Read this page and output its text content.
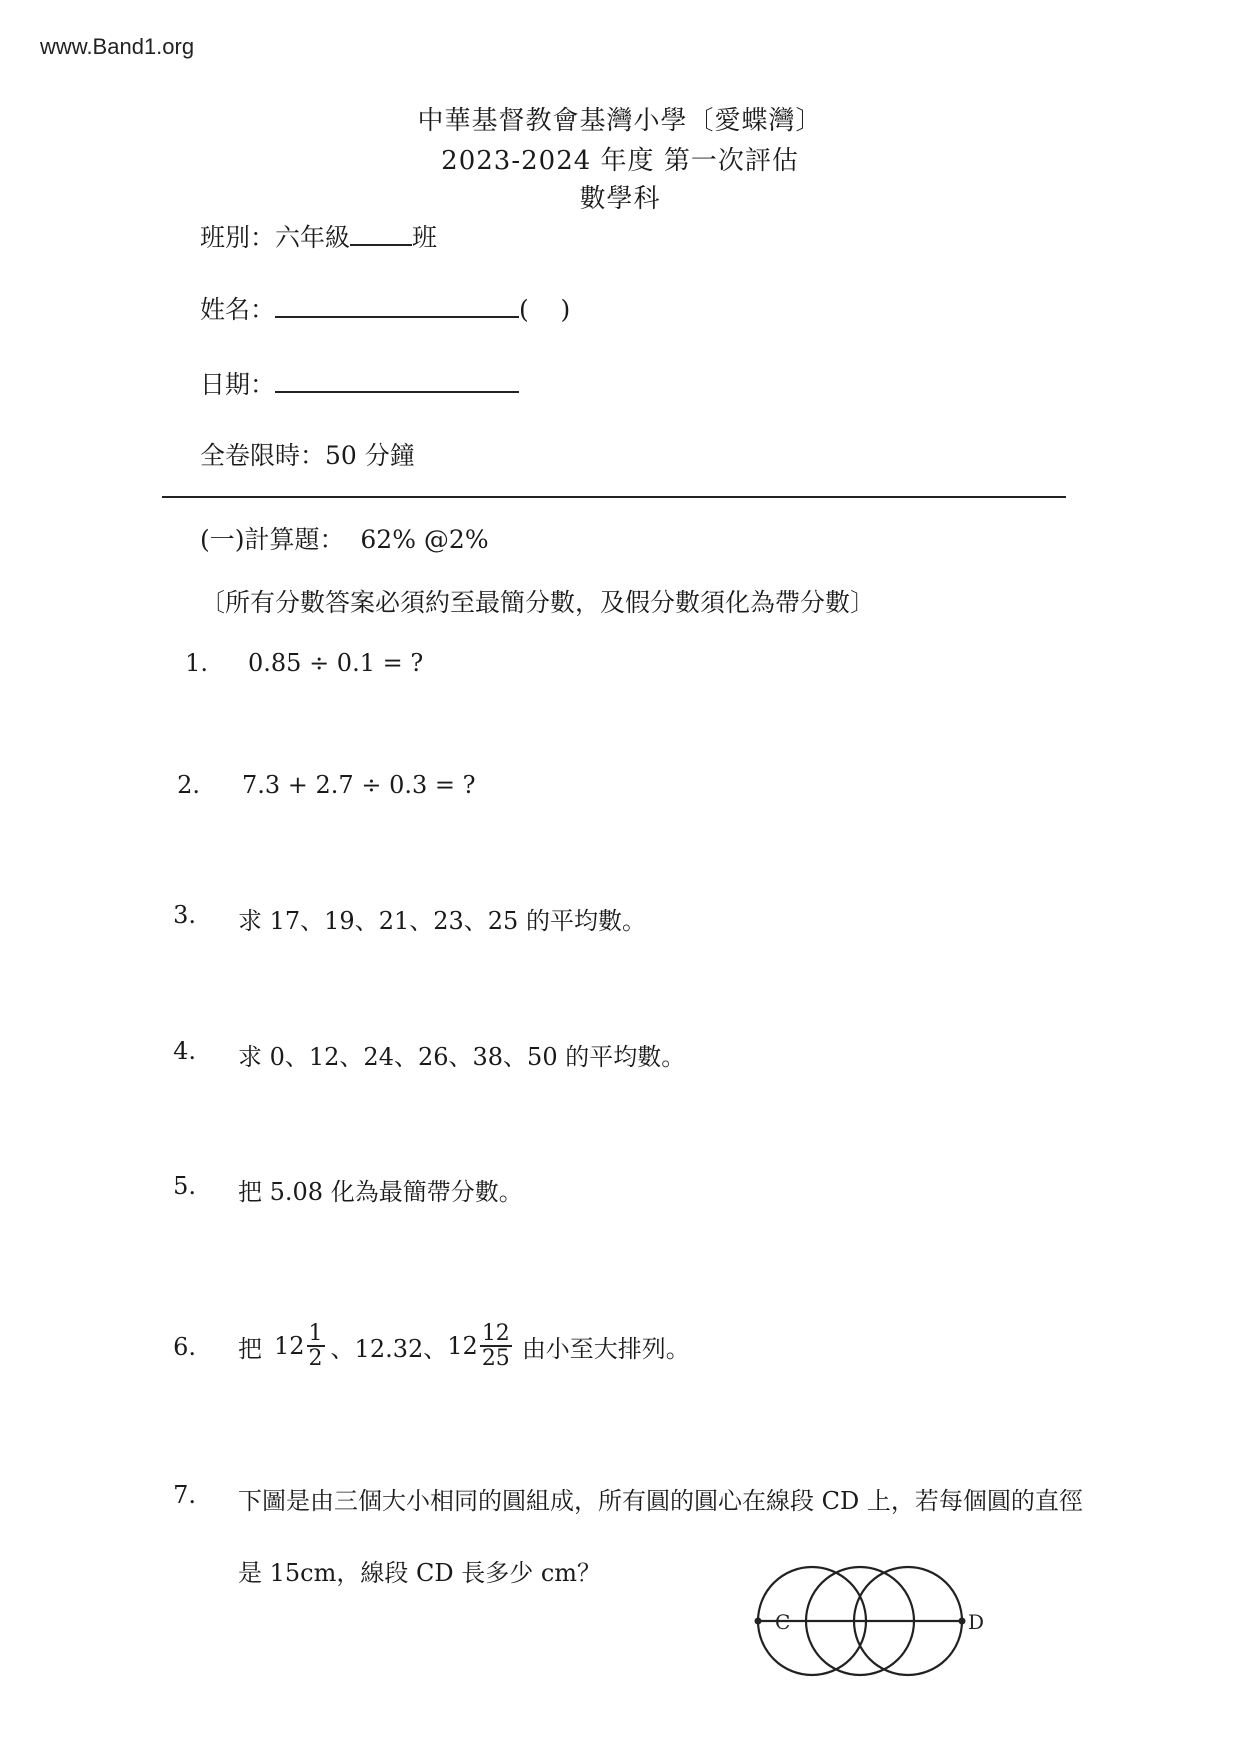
www.Band1.org
中華基督教會基灣小學〔愛蝶灣〕
2023-2024 年度 第一次評估
數學科
班別：六年級 班
姓名：	(    )
日期：
全卷限時：50 分鐘
(一)計算題：  62% @2%
〔所有分數答案必須約至最簡分數，及假分數須化為帶分數〕
1. 0.85 ÷ 0.1 = ?
2. 7.3 + 2.7 ÷ 0.3 = ?
3. 求 17、19、21、23、25 的平均數。
4. 求 0、12、24、26、38、50 的平均數。
5. 把 5.08 化為最簡帶分數。
6. 把 $12 \frac{1}{2}$ 、12.32、 $12 \frac{12}{25}$ 由小至大排列。
7. 下圖是由三個大小相同的圓組成，所有圓的圓心在線段 CD 上，若每個圓的直徑
是 15cm，線段 CD 長多少 cm？
C	D
